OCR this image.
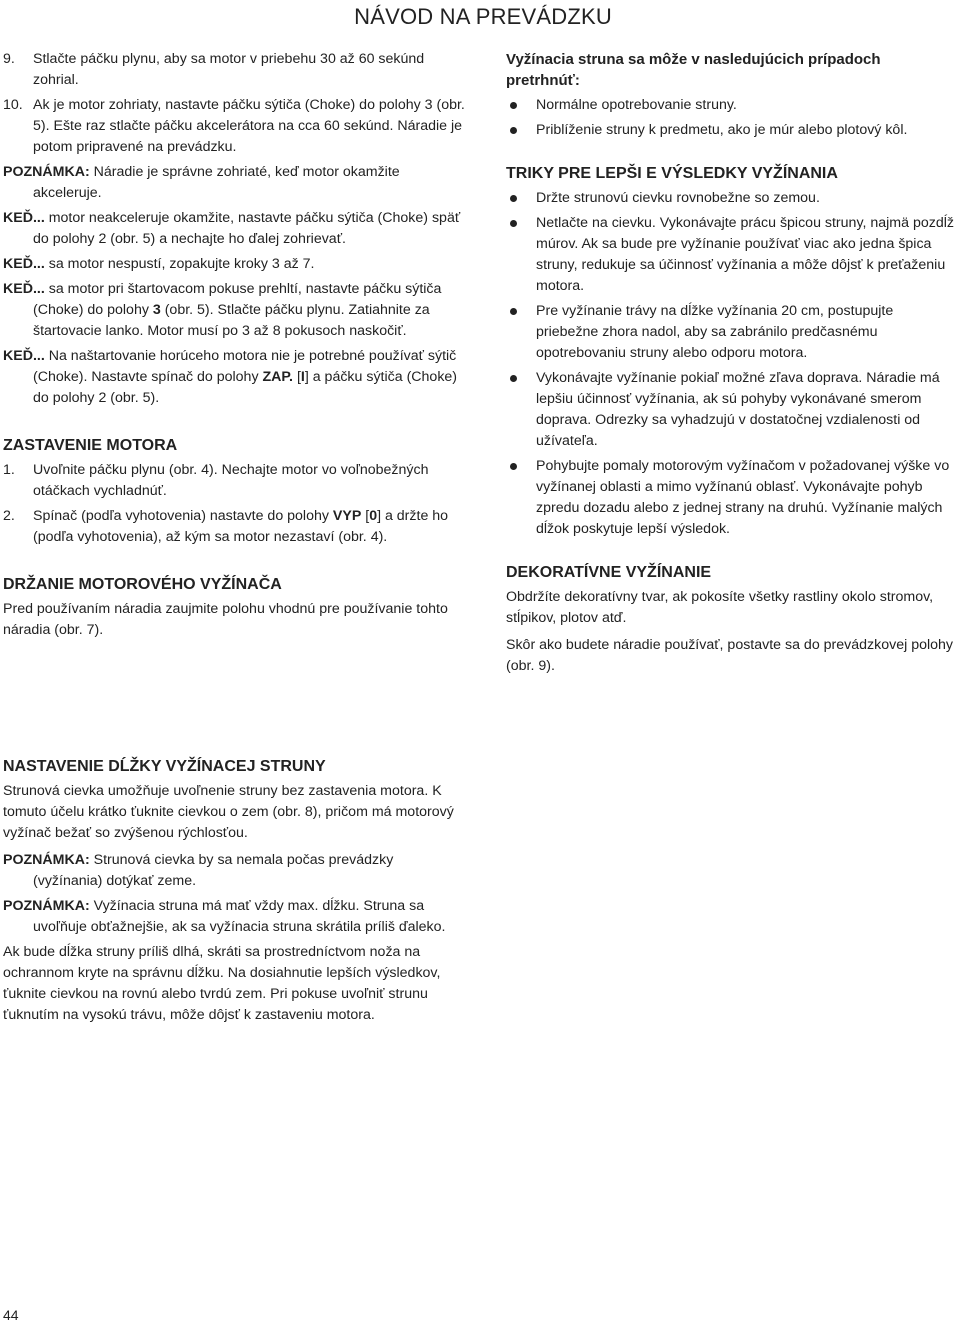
NÁVOD NA PREVÁDZKU
9.	Stlačte páčku plynu, aby sa motor v priebehu 30 až 60 sekúnd zohrial.
10. Ak je motor zohriaty, nastavte páčku sýtiča (Choke) do polohy 3 (obr. 5). Ešte raz stlačte páčku akcelerátora na cca 60 sekúnd. Náradie je potom pripravené na prevádzku.

POZNÁMKA: Náradie je správne zohriaté, keď motor okamžite akceleruje.

KEĎ... motor neakceleruje okamžite, nastavte páčku sýtiča (Choke) späť do polohy 2 (obr. 5) a nechajte ho ďalej zohrievať.

KEĎ... sa motor nespustí, zopakujte kroky 3 až 7.

KEĎ... sa motor pri štartovacom pokuse prehltí, nastavte páčku sýtiča (Choke) do polohy 3 (obr. 5). Stlačte páčku plynu. Zatiahnite za štartovacie lanko. Motor musí po 3 až 8 pokusoch naskočiť.

KEĎ... Na naštartovanie horúceho motora nie je potrebné používať sýtič (Choke). Nastavte spínač do polohy ZAP. [I] a páčku sýtiča (Choke) do polohy 2 (obr. 5).

ZASTAVENIE MOTORA
1.	Uvoľnite páčku plynu (obr. 4). Nechajte motor vo voľnobežných otáčkach vychladnúť.
2.	Spínač (podľa vyhotovenia) nastavte do polohy VYP [0] a držte ho (podľa vyhotovenia), až kým sa motor nezastaví (obr. 4).
DRŽANIE MOTOROVÉHO VYŽÍNAČA

Pred používaním náradia zaujmite polohu vhodnú pre používanie tohto náradia (obr. 7).

Vyžínacia struna sa môže v nasledujúcich prípadoch pretrhnúť:
Normálne opotrebovanie struny.
Priblíženie struny k predmetu, ako je múr alebo plotový kôl.
TRIKY PRE LEPŠI E VÝSLEDKY VYŽÍNANIA
Držte strunovú cievku rovnobežne so zemou.
Netlačte na cievku. Vykonávajte prácu špicou struny, najmä pozdĺž múrov. Ak sa bude pre vyžínanie používať viac ako jedna špica struny, redukuje sa účinnosť vyžínania a môže dôjsť k preťaženiu motora.
Pre vyžínanie trávy na dĺžke vyžínania 20 cm, postupujte priebežne zhora nadol, aby sa zabránilo predčasnému opotrebovaniu struny alebo odporu motora.
Vykonávajte vyžínanie pokiaľ možné zľava doprava. Náradie má lepšiu účinnosť vyžínania, ak sú pohyby vykonávané smerom doprava. Odrezky sa vyhadzujú v dostatočnej vzdialenosti od užívateľa.
Pohybujte pomaly motorovým vyžínačom v požadovanej výške vo vyžínanej oblasti a mimo vyžínanú oblasť. Vykonávajte pohyb zpredu dozadu alebo z jednej strany na druhú. Vyžínanie malých dĺžok poskytuje lepší výsledok.
DEKORATÍVNE VYŽÍNANIE

Obdržíte dekoratívny tvar, ak pokosíte všetky rastliny okolo stromov, stĺpikov, plotov atď.

Skôr ako budete náradie používať, postavte sa do prevádzkovej polohy (obr. 9).

NASTAVENIE DĹŽKY VYŽÍNACEJ STRUNY

Strunová cievka umožňuje uvoľnenie struny bez zastavenia motora. K tomuto účelu krátko ťuknite cievkou o zem (obr. 8), pričom má motorový vyžínač bežať so zvýšenou rýchlosťou.

POZNÁMKA: Strunová cievka by sa nemala počas prevádzky (vyžínania) dotýkať zeme.

POZNÁMKA: Vyžínacia struna má mať vždy max. dĺžku. Struna sa uvoľňuje obťažnejšie, ak sa vyžínacia struna skrátila príliš ďaleko.

Ak bude dĺžka struny príliš dlhá, skráti sa prostredníctvom noža na ochrannom kryte na správnu dĺžku. Na dosiahnutie lepších výsledkov, ťuknite cievkou na rovnú alebo tvrdú zem. Pri pokuse uvoľniť strunu ťuknutím na vysokú trávu, môže dôjsť k zastaveniu motora.

44
